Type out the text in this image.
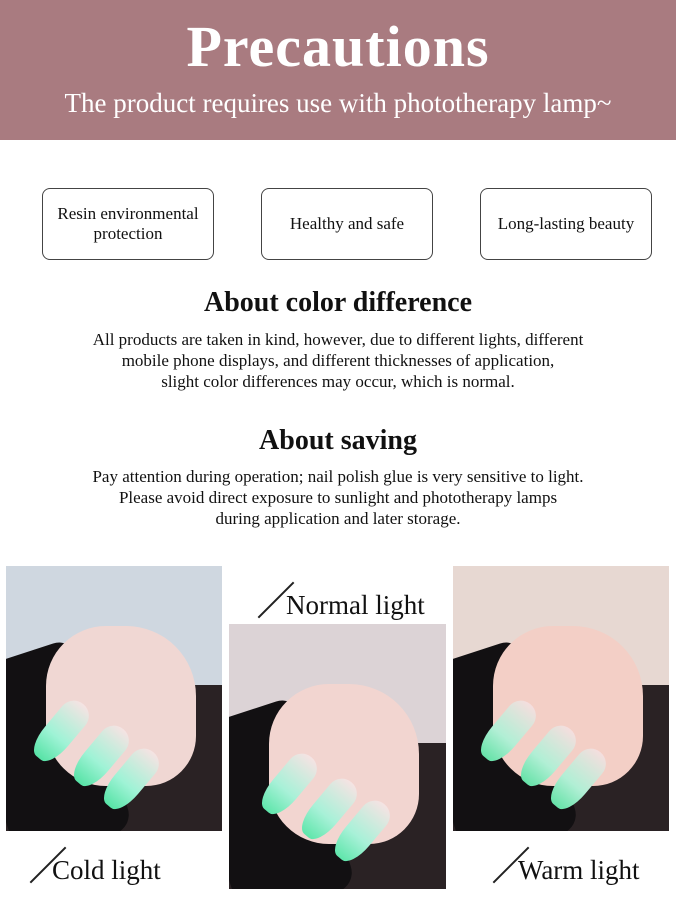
Precautions
The product requires use with phototherapy lamp~
Resin environmental protection
Healthy and safe	Long-lasting beauty
About color difference
All products are taken in kind, however, due to different lights, different
mobile phone displays, and different thicknesses of application,
slight color differences may occur, which is normal.
About saving
Pay attention during operation; nail polish glue is very sensitive to light.
Please avoid direct exposure to sunlight and phototherapy lamps
during application and later storage.
Normal light
Cold light	Warm light
